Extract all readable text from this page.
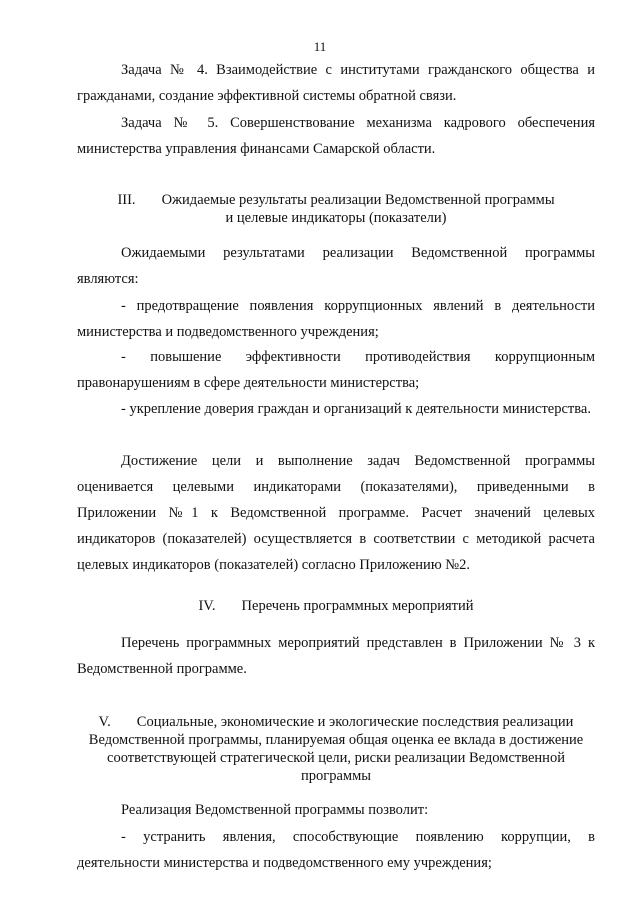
11

Задача № 4. Взаимодействие с институтами гражданского общества и гражданами, создание эффективной системы обратной связи.

Задача № 5. Совершенствование механизма кадрового обеспечения министерства управления финансами Самарской области.

III. Ожидаемые результаты реализации Ведомственной программы
и целевые индикаторы (показатели)

Ожидаемыми результатами реализации Ведомственной программы являются:

- предотвращение появления коррупционных явлений в деятельности министерства и подведомственного учреждения;

- повышение эффективности противодействия коррупционным правонарушениям в сфере деятельности министерства;

- укрепление доверия граждан и организаций к деятельности министерства.

Достижение цели и выполнение задач Ведомственной программы оценивается целевыми индикаторами (показателями), приведенными в Приложении №1 к Ведомственной программе. Расчет значений целевых индикаторов (показателей) осуществляется в соответствии с методикой расчета целевых индикаторов (показателей) согласно Приложению №2.

IV. Перечень программных мероприятий

Перечень программных мероприятий представлен в Приложении № 3 к Ведомственной программе.

V. Социальные, экономические и экологические последствия реализации
Ведомственной программы, планируемая общая оценка ее вклада в достижение
соответствующей стратегической цели, риски реализации Ведомственной
программы

Реализация Ведомственной программы позволит:

- устранить явления, способствующие появлению коррупции, в деятельности министерства и подведомственного ему учреждения;
